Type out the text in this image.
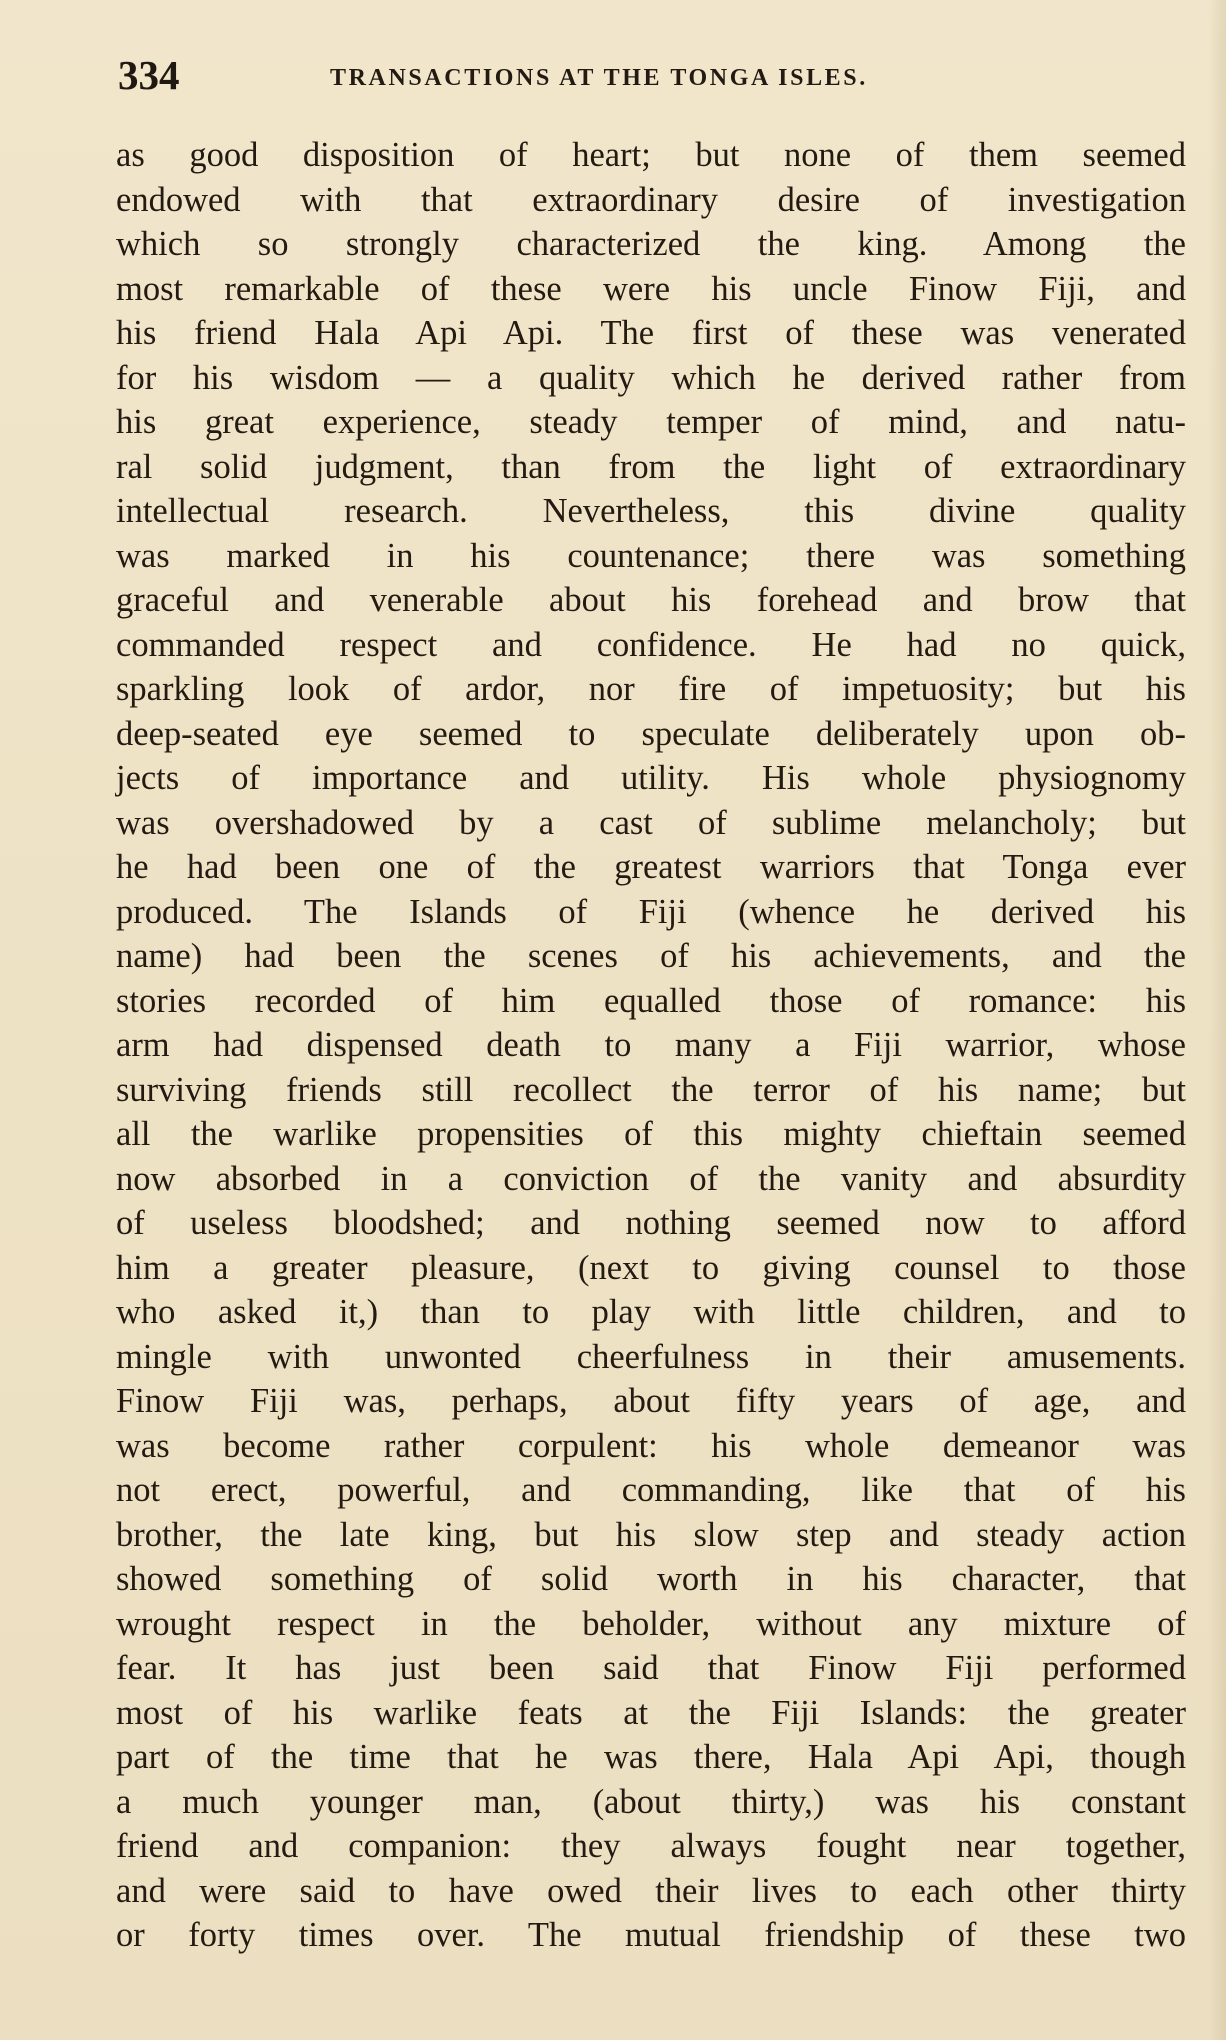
334	TRANSACTIONS AT THE TONGA ISLES.
as good disposition of heart; but none of them seemed
endowed with that extraordinary desire of investigation
which so strongly characterized the king. Among the
most remarkable of these were his uncle Finow Fiji, and
his friend Hala Api Api. The first of these was venerated
for his wisdom — a quality which he derived rather from
his great experience, steady temper of mind, and natu-
ral solid judgment, than from the light of extraordinary
intellectual research. Nevertheless, this divine quality
was marked in his countenance; there was something
graceful and venerable about his forehead and brow that
commanded respect and confidence. He had no quick,
sparkling look of ardor, nor fire of impetuosity; but his
deep-seated eye seemed to speculate deliberately upon ob-
jects of importance and utility. His whole physiognomy
was overshadowed by a cast of sublime melancholy; but
he had been one of the greatest warriors that Tonga ever
produced. The Islands of Fiji (whence he derived his
name) had been the scenes of his achievements, and the
stories recorded of him equalled those of romance: his
arm had dispensed death to many a Fiji warrior, whose
surviving friends still recollect the terror of his name; but
all the warlike propensities of this mighty chieftain seemed
now absorbed in a conviction of the vanity and absurdity
of useless bloodshed; and nothing seemed now to afford
him a greater pleasure, (next to giving counsel to those
who asked it,) than to play with little children, and to
mingle with unwonted cheerfulness in their amusements.
Finow Fiji was, perhaps, about fifty years of age, and
was become rather corpulent: his whole demeanor was
not erect, powerful, and commanding, like that of his
brother, the late king, but his slow step and steady action
showed something of solid worth in his character, that
wrought respect in the beholder, without any mixture of
fear. It has just been said that Finow Fiji performed
most of his warlike feats at the Fiji Islands: the greater
part of the time that he was there, Hala Api Api, though
a much younger man, (about thirty,) was his constant
friend and companion: they always fought near together,
and were said to have owed their lives to each other thirty
or forty times over. The mutual friendship of these two
